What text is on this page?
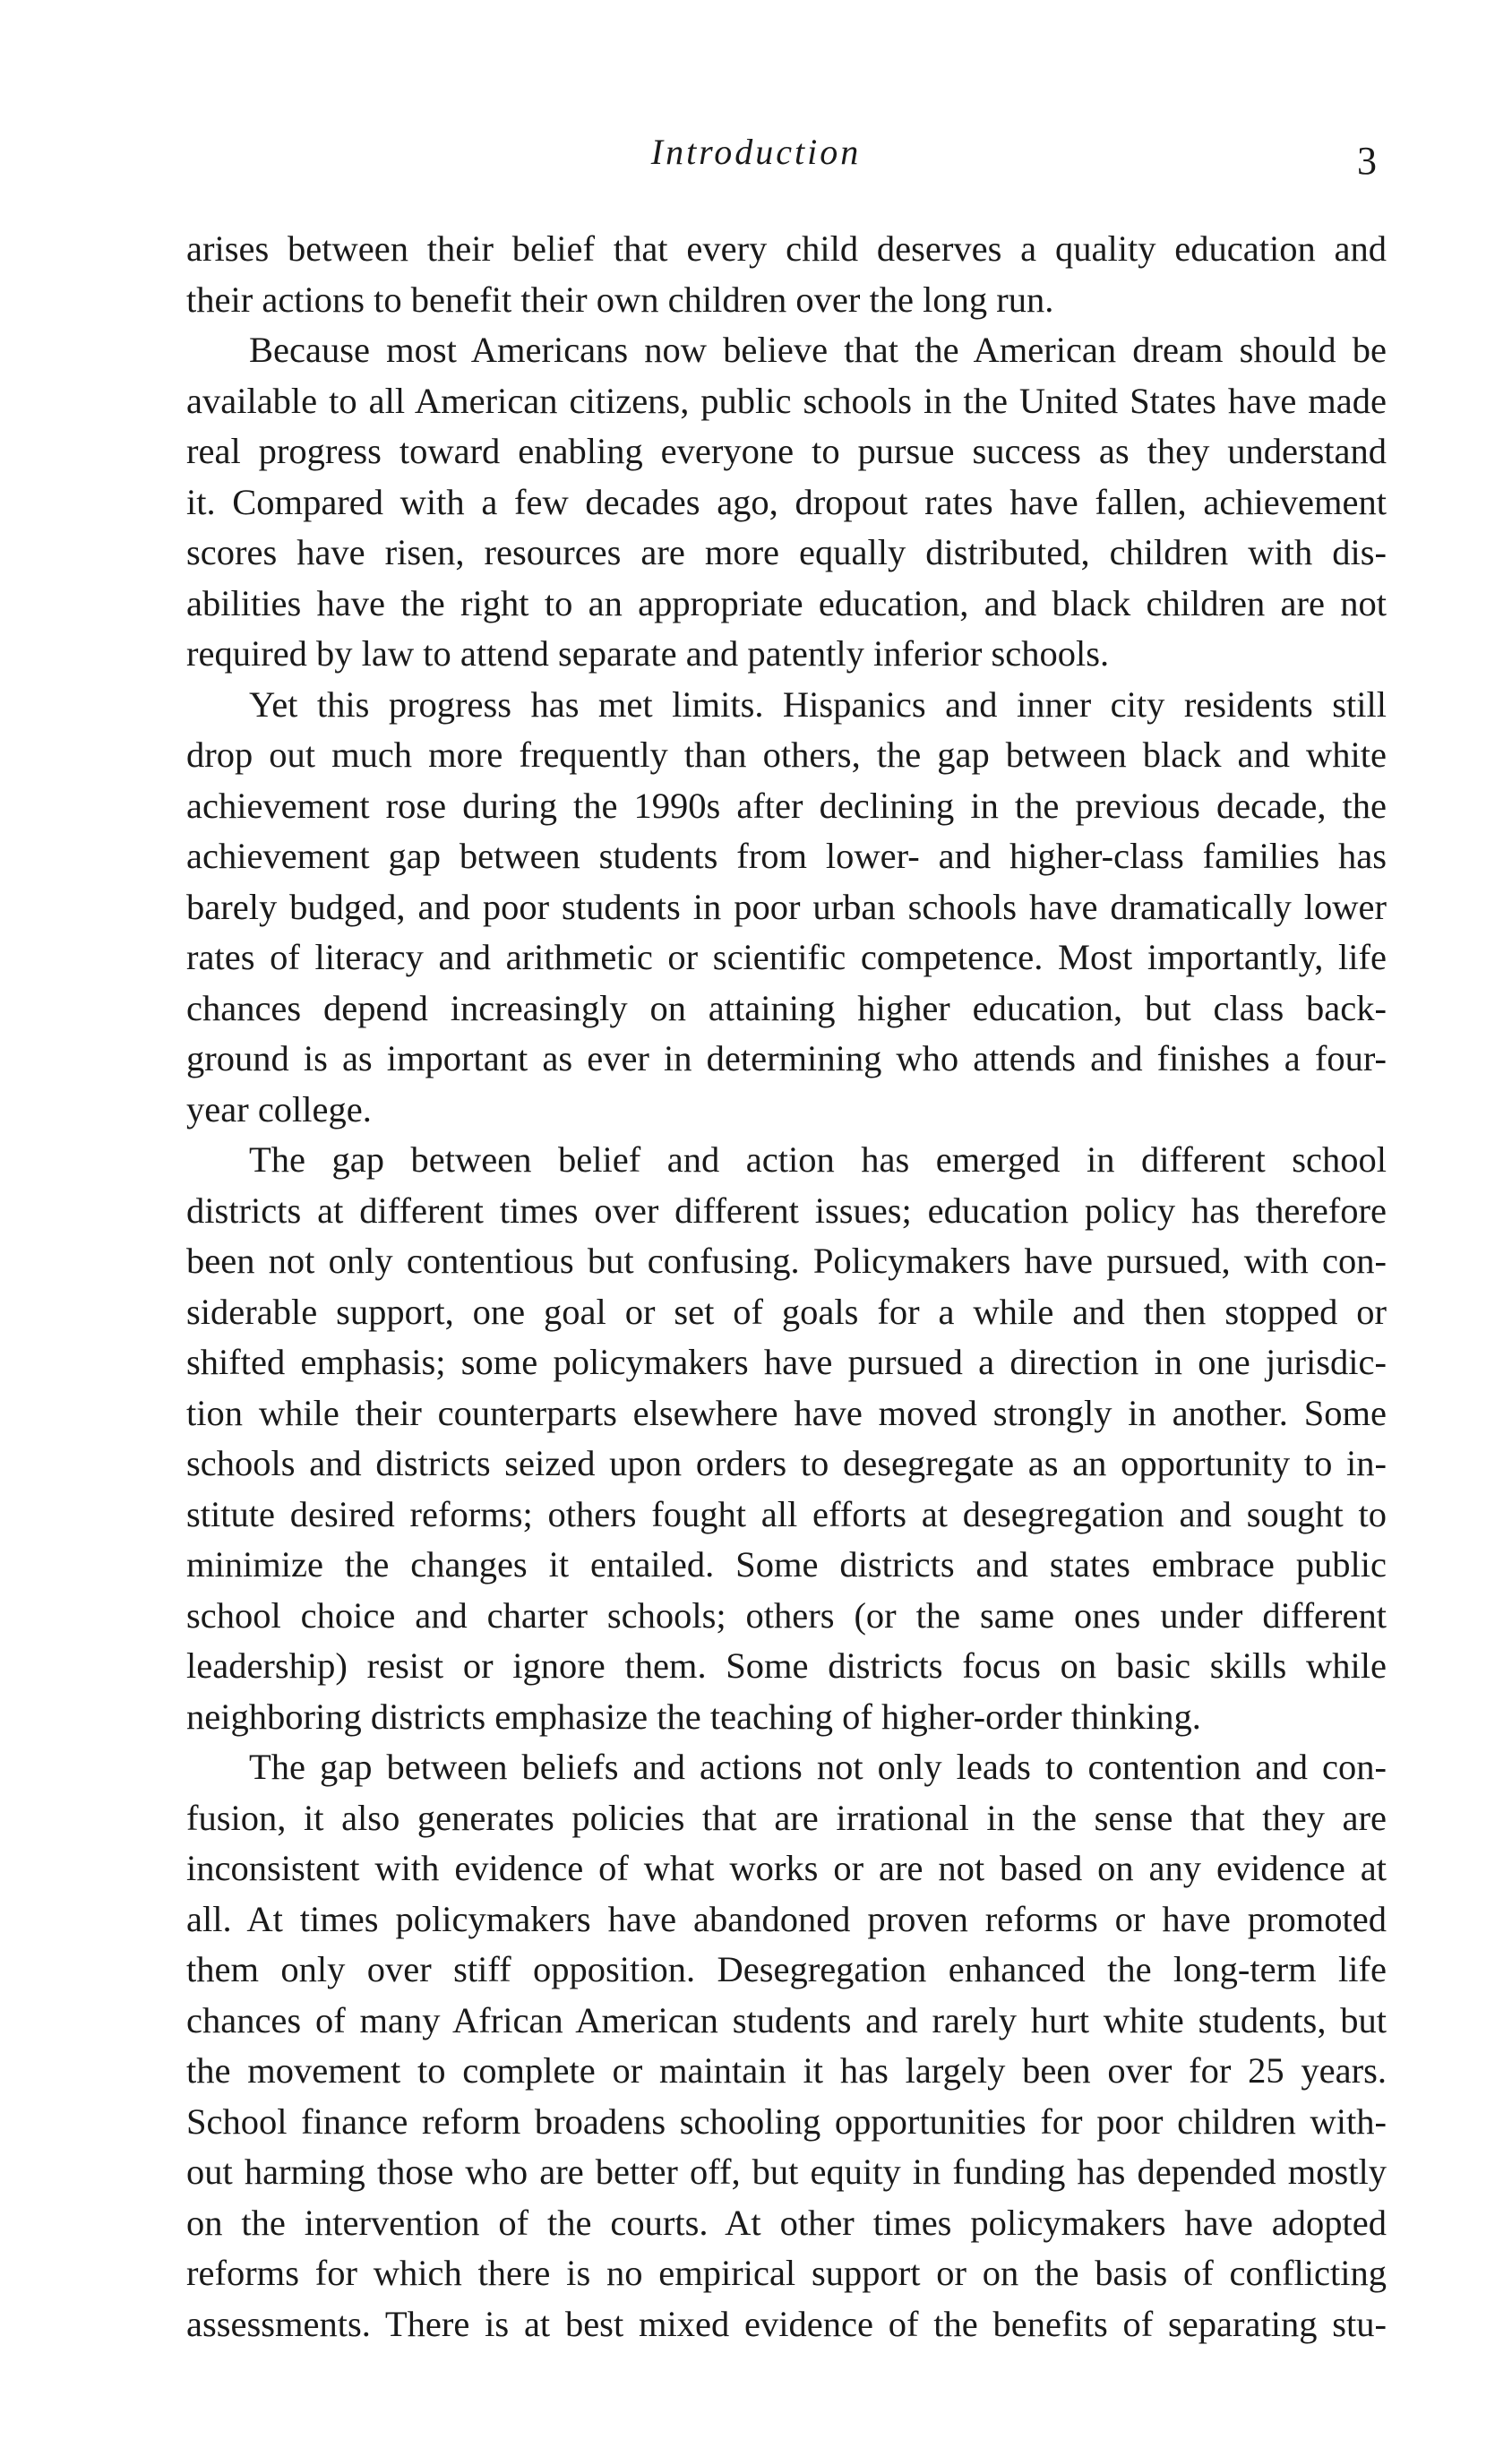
Introduction	3
arises between their belief that every child deserves a quality education and
their actions to benefit their own children over the long run.
Because most Americans now believe that the American dream should be
available to all American citizens, public schools in the United States have made
real progress toward enabling everyone to pursue success as they understand
it. Compared with a few decades ago, dropout rates have fallen, achievement
scores have risen, resources are more equally distributed, children with dis-
abilities have the right to an appropriate education, and black children are not
required by law to attend separate and patently inferior schools.
Yet this progress has met limits. Hispanics and inner city residents still
drop out much more frequently than others, the gap between black and white
achievement rose during the 1990s after declining in the previous decade, the
achievement gap between students from lower- and higher-class families has
barely budged, and poor students in poor urban schools have dramatically lower
rates of literacy and arithmetic or scientific competence. Most importantly, life
chances depend increasingly on attaining higher education, but class back-
ground is as important as ever in determining who attends and finishes a four-
year college.
The gap between belief and action has emerged in different school
districts at different times over different issues; education policy has therefore
been not only contentious but confusing. Policymakers have pursued, with con-
siderable support, one goal or set of goals for a while and then stopped or
shifted emphasis; some policymakers have pursued a direction in one jurisdic-
tion while their counterparts elsewhere have moved strongly in another. Some
schools and districts seized upon orders to desegregate as an opportunity to in-
stitute desired reforms; others fought all efforts at desegregation and sought to
minimize the changes it entailed. Some districts and states embrace public
school choice and charter schools; others (or the same ones under different
leadership) resist or ignore them. Some districts focus on basic skills while
neighboring districts emphasize the teaching of higher-order thinking.
The gap between beliefs and actions not only leads to contention and con-
fusion, it also generates policies that are irrational in the sense that they are
inconsistent with evidence of what works or are not based on any evidence at
all. At times policymakers have abandoned proven reforms or have promoted
them only over stiff opposition. Desegregation enhanced the long-term life
chances of many African American students and rarely hurt white students, but
the movement to complete or maintain it has largely been over for 25 years.
School finance reform broadens schooling opportunities for poor children with-
out harming those who are better off, but equity in funding has depended mostly
on the intervention of the courts. At other times policymakers have adopted
reforms for which there is no empirical support or on the basis of conflicting
assessments. There is at best mixed evidence of the benefits of separating stu-
